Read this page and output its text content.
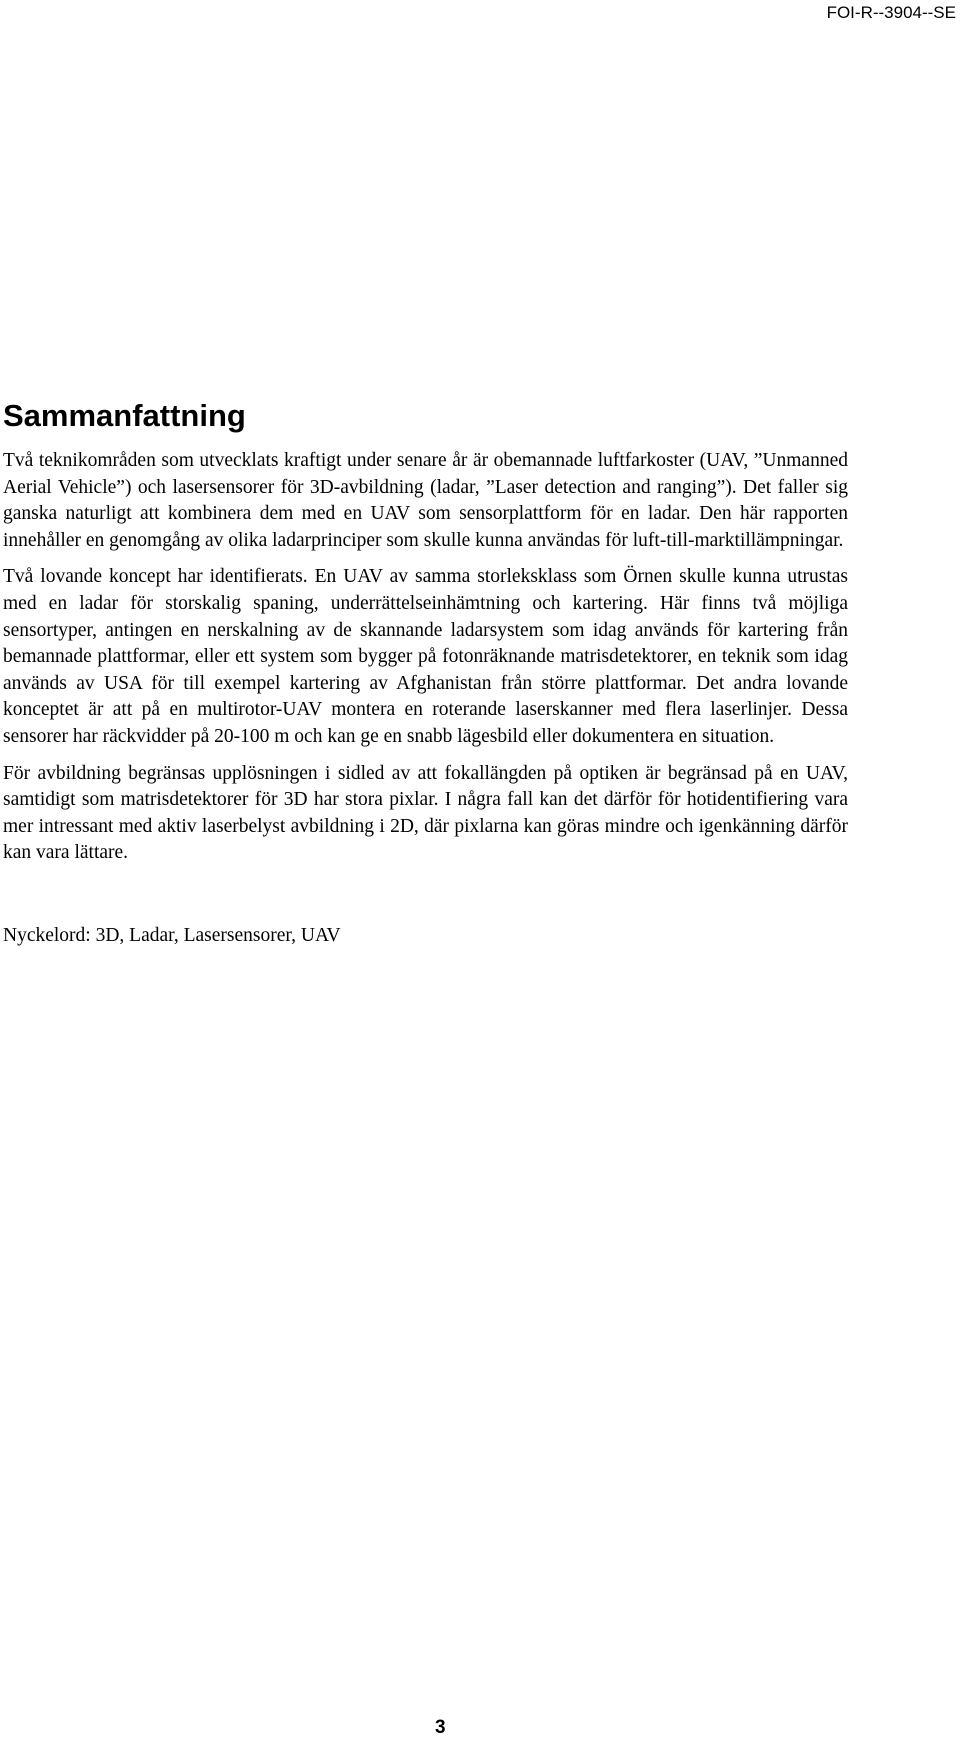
FOI-R--3904--SE
Sammanfattning

Två teknikområden som utvecklats kraftigt under senare år är obemannade luftfarkoster (UAV, ”Unmanned Aerial Vehicle”) och lasersensorer för 3D-avbildning (ladar, ”Laser detection and ranging”). Det faller sig ganska naturligt att kombinera dem med en UAV som sensorplattform för en ladar. Den här rapporten innehåller en genomgång av olika ladarprinciper som skulle kunna användas för luft-till-marktillämpningar.

Två lovande koncept har identifierats. En UAV av samma storleksklass som Örnen skulle kunna utrustas med en ladar för storskalig spaning, underrättelseinhämtning och kartering. Här finns två möjliga sensortyper, antingen en nerskalning av de skannande ladarsystem som idag används för kartering från bemannade plattformar, eller ett system som bygger på fotonräknande matrisdetektorer, en teknik som idag används av USA för till exempel kartering av Afghanistan från större plattformar. Det andra lovande konceptet är att på en multirotor-UAV montera en roterande laserskanner med flera laserlinjer. Dessa sensorer har räckvidder på 20-100 m och kan ge en snabb lägesbild eller dokumentera en situation.

För avbildning begränsas upplösningen i sidled av att fokallängden på optiken är begränsad på en UAV, samtidigt som matrisdetektorer för 3D har stora pixlar. I några fall kan det därför för hotidentifiering vara mer intressant med aktiv laserbelyst avbildning i 2D, där pixlarna kan göras mindre och igenkänning därför kan vara lättare.

Nyckelord: 3D, Ladar, Lasersensorer, UAV

3
